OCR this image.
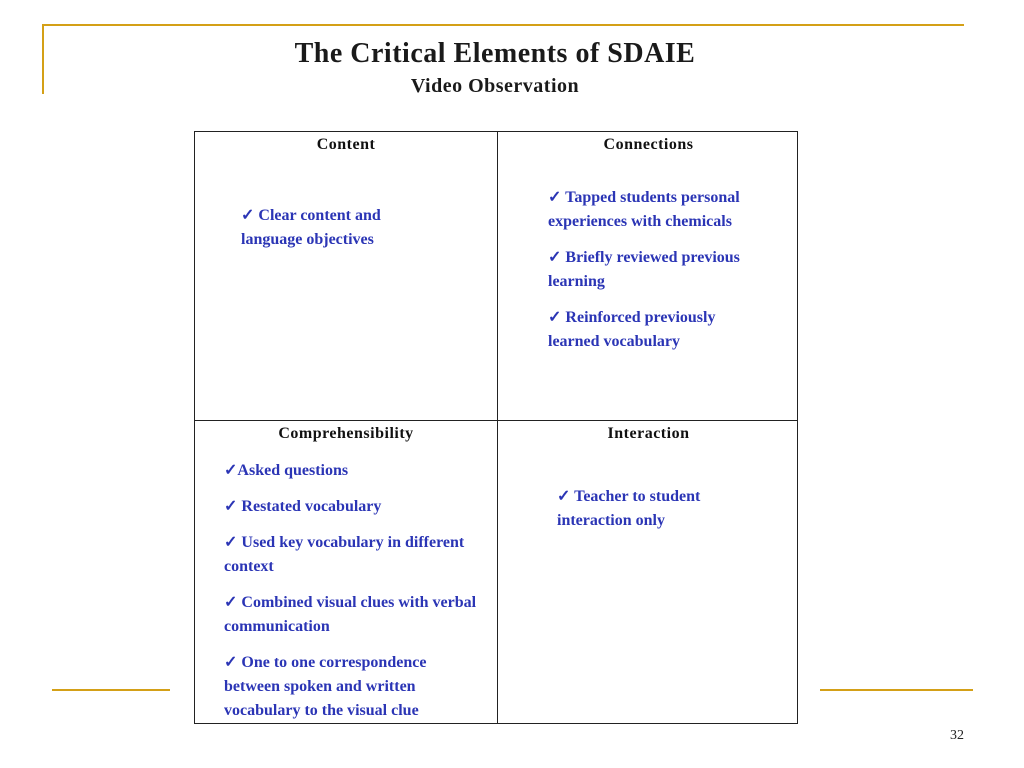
The Critical Elements of SDAIE
Video Observation
Content
✓ Clear content and language objectives
Connections
✓ Tapped students personal experiences with chemicals
✓ Briefly reviewed previous learning
✓ Reinforced previously learned vocabulary
Comprehensibility
✓Asked questions
✓ Restated vocabulary
✓ Used key vocabulary in different context
✓ Combined visual clues with verbal communication
✓ One to one correspondence between spoken and written vocabulary to the visual clue
Interaction
✓ Teacher to student interaction only
32
